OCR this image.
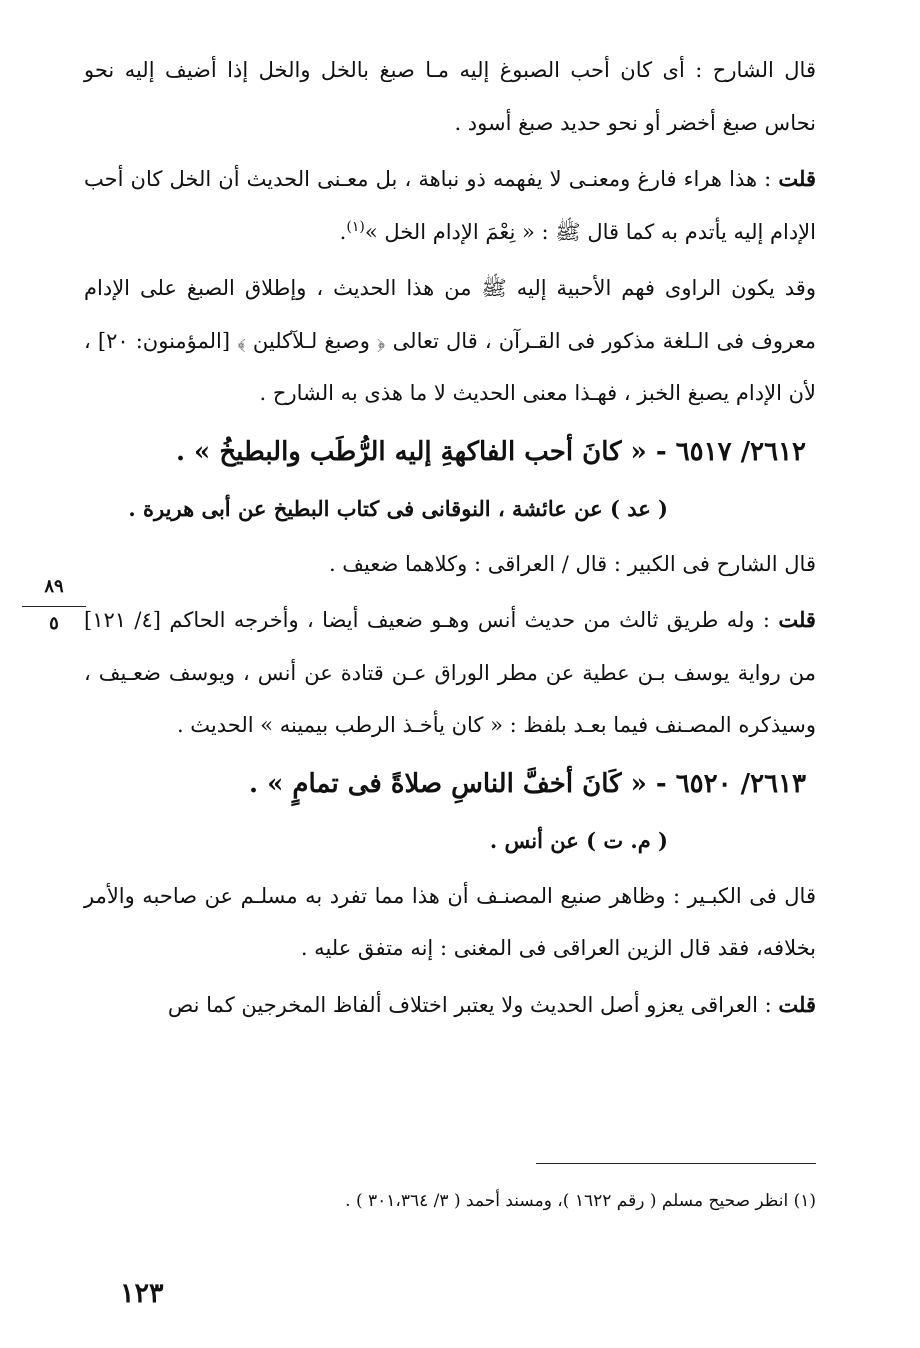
قال الشارح : أى كان أحب الصبوغ إليه مـا صبغ بالخل والخل إذا أضيف إليه نحو نحاس صبغ أخضر أو نحو حديد صبغ أسود .

قلت : هذا هراء فارغ ومعنـى لا يفهمه ذو نباهة ، بل معـنى الحديث أن الخل كان أحب الإدام إليه يأتدم به كما قال ﷺ : « نِعْمَ الإدام الخل »$^{(١)}$.

وقد يكون الراوى فهم الأحبية إليه ﷺ من هذا الحديث ، وإطلاق الصبغ على الإدام معروف فى الـلغة مذكور فى القـرآن ، قال تعالى ﴿ وصبغ لـلآكلين ﴾ [المؤمنون: ٢٠] ، لأن الإدام يصبغ الخبز ، فهـذا معنى الحديث لا ما هذى به الشارح .

٢٦١٢/ ٦٥١٧ - « كانَ أحب الفاكهةِ إليه الرُّطَب والبطيخُ » .

( عد ) عن عائشة ، النوقانى فى كتاب البطيخ عن أبى هريرة .

قال الشارح فى الكبير : قال / العراقى : وكلاهما ضعيف .

قلت : وله طريق ثالث من حديث أنس وهـو ضعيف أيضا ، وأخرجه الحاكم [٤/ ١٢١] من رواية يوسف بـن عطية عن مطر الوراق عـن قتادة عن أنس ، ويوسف ضعـيف ، وسيذكره المصـنف فيما بعـد بلفظ : « كان يأخـذ الرطب بيمينه » الحديث .

٢٦١٣/ ٦٥٢٠ - « كَانَ أخفَّ الناسِ صلاةً فى تمامٍ » .

( م. ت ) عن أنس .

قال فى الكبـير : وظاهر صنيع المصنـف أن هذا مما تفرد به مسلـم عن صاحبه والأمر بخلافه، فقد قال الزين العراقى فى المغنى : إنه متفق عليه .

قلت : العراقى يعزو أصل الحديث ولا يعتبر اختلاف ألفاظ المخرجين كما نص

٨٩
٥
(١) انظر صحيح مسلم ( رقم ١٦٢٢ )، ومسند أحمد ( ٣/ ٣٠١،٣٦٤ ) .
١٢٣
